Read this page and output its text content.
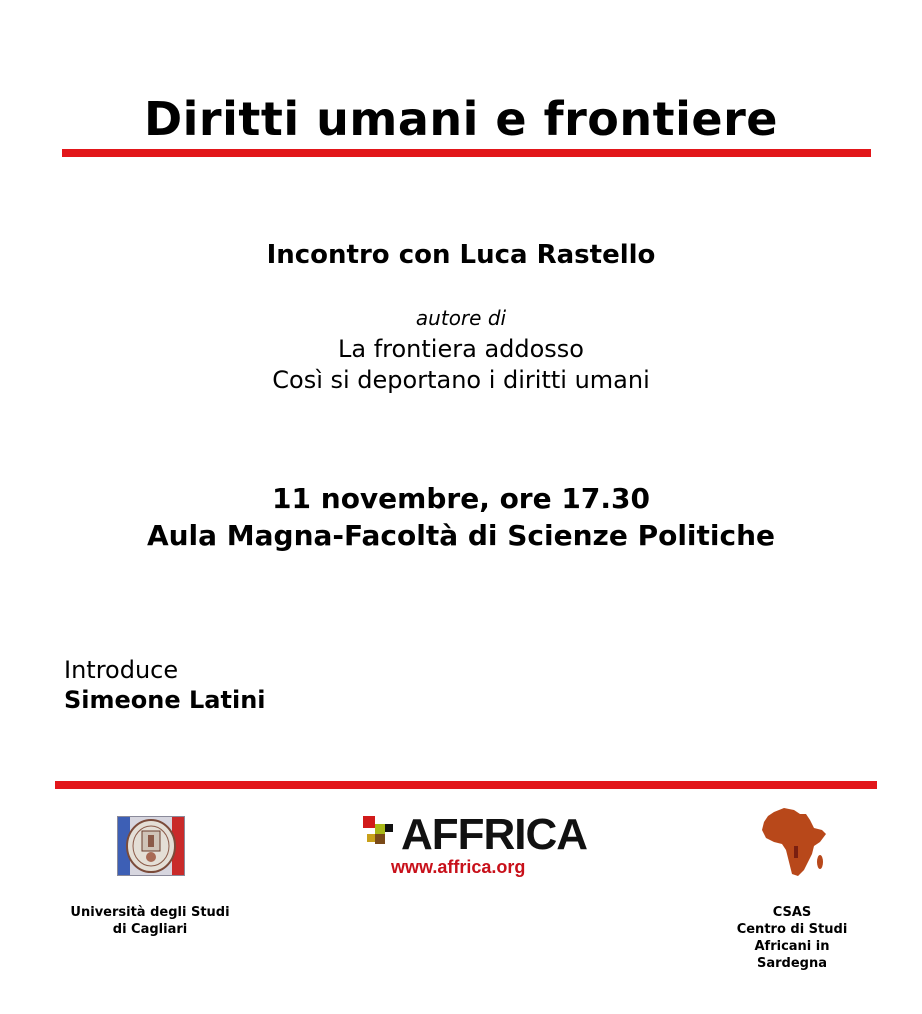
Diritti umani e frontiere
Incontro con Luca Rastello
autore di
La frontiera addosso
Così si deportano i diritti umani
11 novembre, ore 17.30
Aula Magna-Facoltà di Scienze Politiche
Introduce
Simeone Latini
AFFRICA
www.affrica.org
Università degli Studi
di Cagliari
CSAS
Centro di Studi
Africani in
Sardegna
